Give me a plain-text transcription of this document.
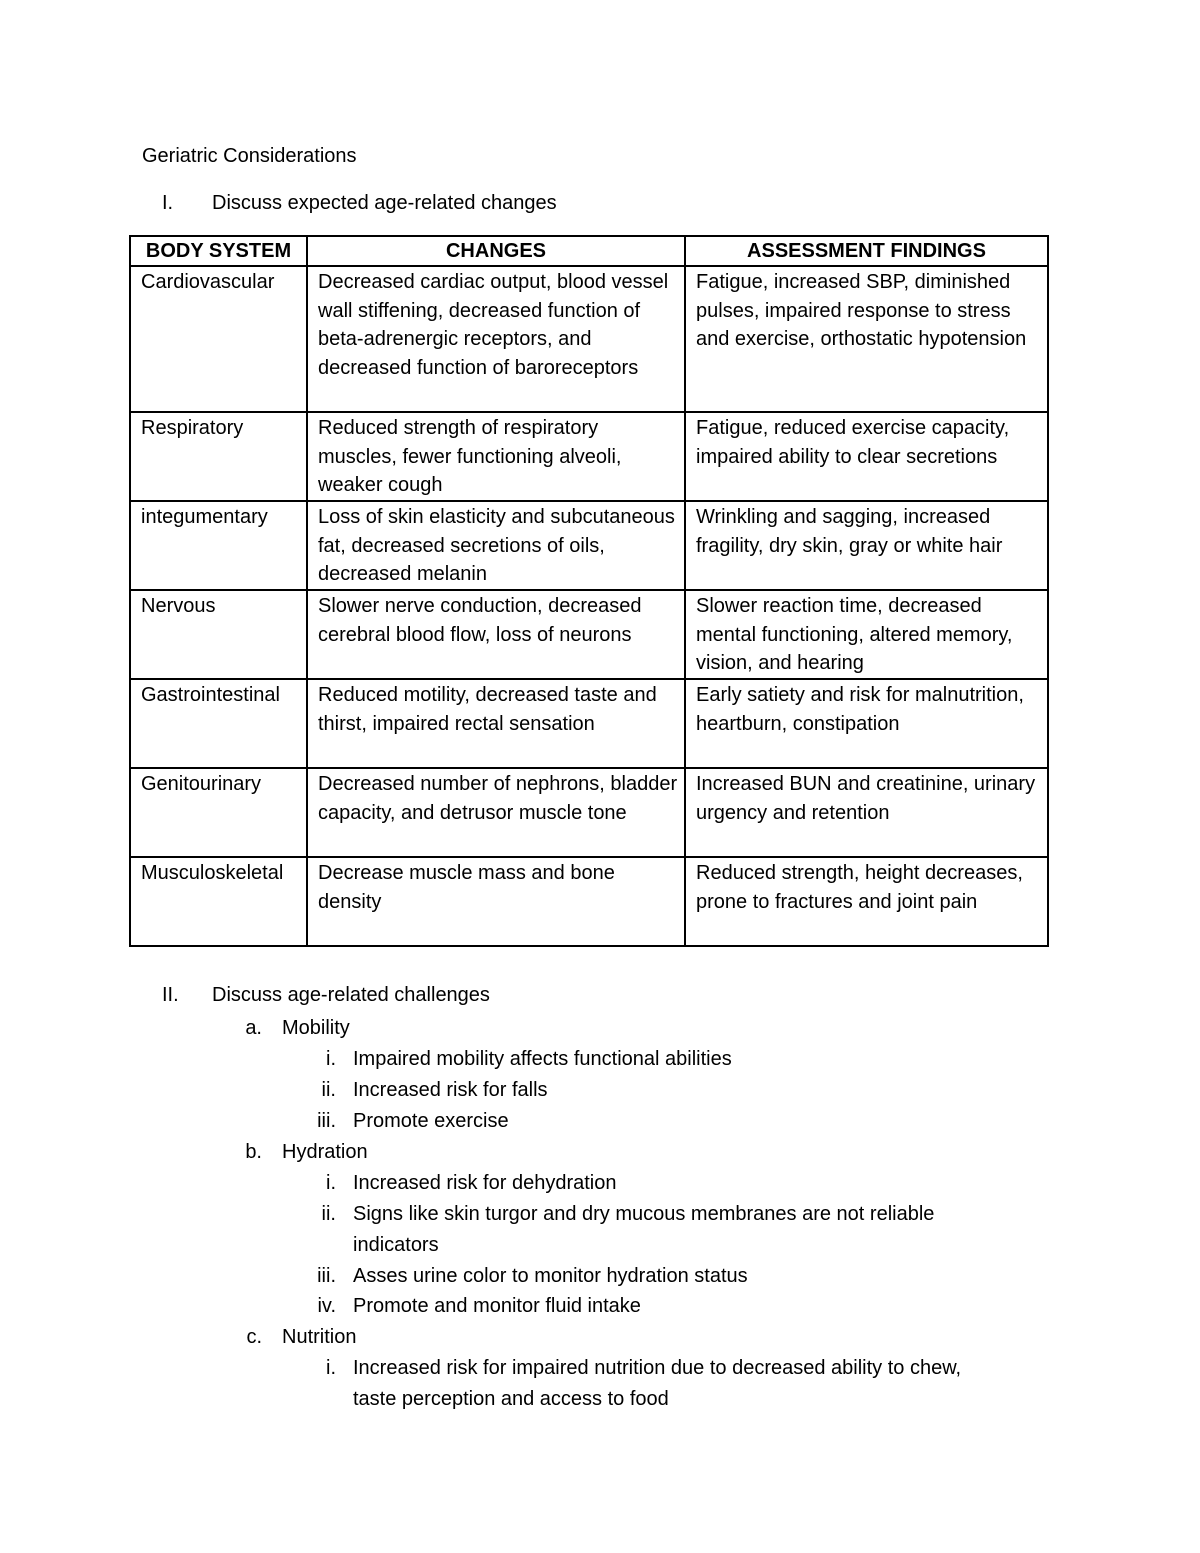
Geriatric Considerations
I. Discuss expected age-related changes
BODY SYSTEM	CHANGES	ASSESSMENT FINDINGS
Cardiovascular	Decreased cardiac output, blood vessel wall stiffening, decreased function of beta-adrenergic receptors, and decreased function of baroreceptors	Fatigue, increased SBP, diminished pulses, impaired response to stress and exercise, orthostatic hypotension
Respiratory	Reduced strength of respiratory muscles, fewer functioning alveoli, weaker cough	Fatigue, reduced exercise capacity, impaired ability to clear secretions
integumentary	Loss of skin elasticity and subcutaneous fat, decreased secretions of oils, decreased melanin	Wrinkling and sagging, increased fragility, dry skin, gray or white hair
Nervous	Slower nerve conduction, decreased cerebral blood flow, loss of neurons	Slower reaction time, decreased mental functioning, altered memory, vision, and hearing
Gastrointestinal	Reduced motility, decreased taste and thirst, impaired rectal sensation	Early satiety and risk for malnutrition, heartburn, constipation
Genitourinary	Decreased number of nephrons, bladder capacity, and detrusor muscle tone	Increased BUN and creatinine, urinary urgency and retention
Musculoskeletal	Decrease muscle mass and bone density	Reduced strength, height decreases, prone to fractures and joint pain
II. Discuss age-related challenges
a. Mobility
i. Impaired mobility affects functional abilities
ii. Increased risk for falls
iii. Promote exercise
b. Hydration
i. Increased risk for dehydration
ii. Signs like skin turgor and dry mucous membranes are not reliable
indicators
iii. Asses urine color to monitor hydration status
iv. Promote and monitor fluid intake
c. Nutrition
i. Increased risk for impaired nutrition due to decreased ability to chew,
taste perception and access to food
